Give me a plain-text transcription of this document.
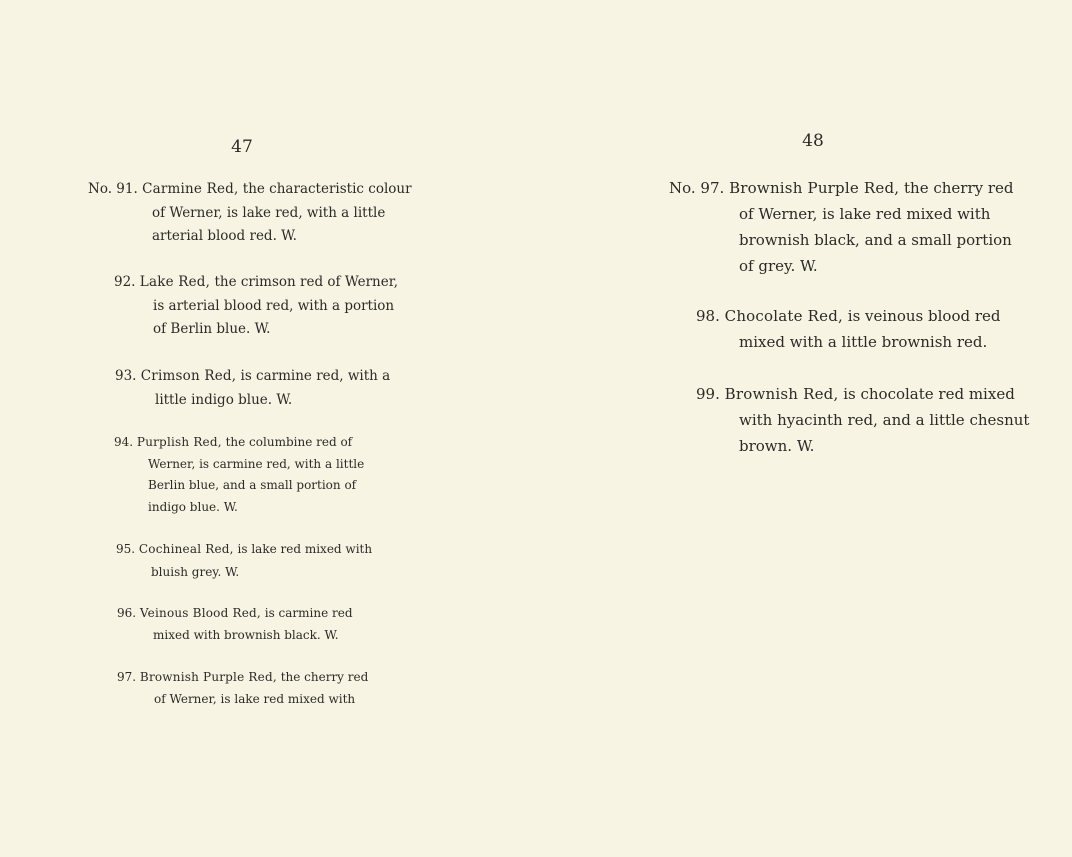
47
No. 91. Carmine Red, the characteristic colour
of Werner, is lake red, with a little
arterial blood red. W.
92. Lake Red, the crimson red of Werner,
is arterial blood red, with a portion
of Berlin blue. W.
93. Crimson Red, is carmine red, with a
little indigo blue. W.
94. Purplish Red, the columbine red of
Werner, is carmine red, with a little
Berlin blue, and a small portion of
indigo blue. W.
95. Cochineal Red, is lake red mixed with
bluish grey. W.
96. Veinous Blood Red, is carmine red
mixed with brownish black. W.
97. Brownish Purple Red, the cherry red
of Werner, is lake red mixed with
48
No. 97. Brownish Purple Red, the cherry red
of Werner, is lake red mixed with
brownish black, and a small portion
of grey. W.
98. Chocolate Red, is veinous blood red
mixed with a little brownish red.
99. Brownish Red, is chocolate red mixed
with hyacinth red, and a little chesnut
brown. W.
